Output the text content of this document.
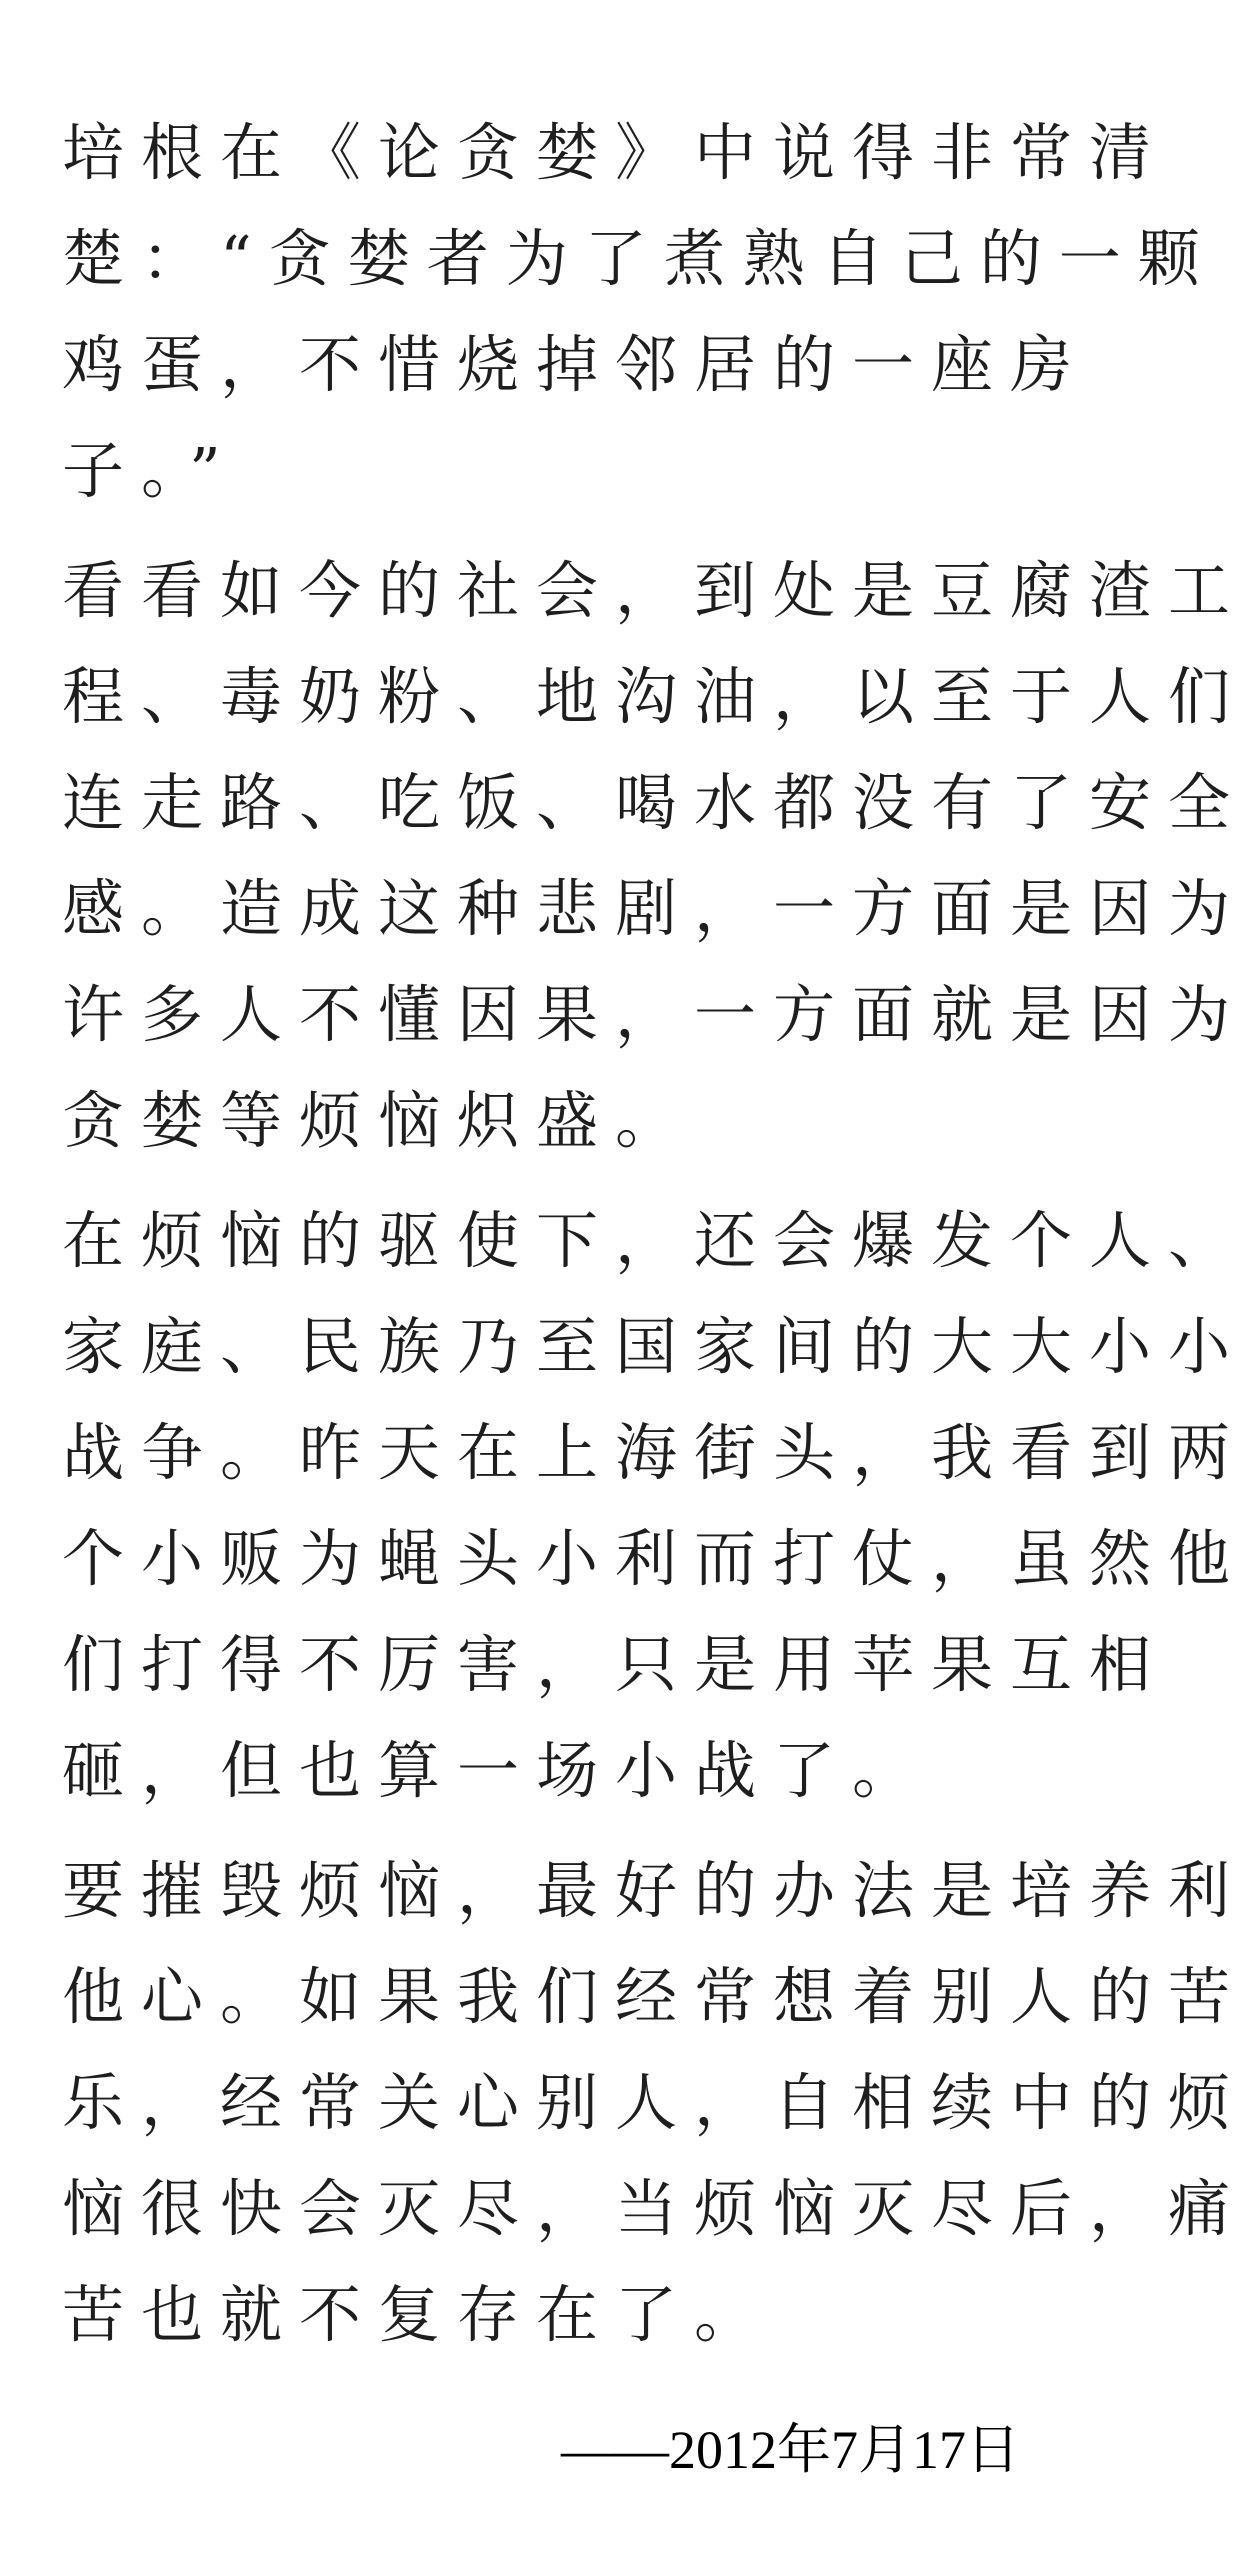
培根在《论贪婪》中说得非常清
楚：“贪婪者为了煮熟自己的一颗
鸡蛋，不惜烧掉邻居的一座房
子。”
看看如今的社会，到处是豆腐渣工
程、毒奶粉、地沟油，以至于人们
连走路、吃饭、喝水都没有了安全
感。造成这种悲剧，一方面是因为
许多人不懂因果，一方面就是因为
贪婪等烦恼炽盛。
在烦恼的驱使下，还会爆发个人、
家庭、民族乃至国家间的大大小小
战争。昨天在上海街头，我看到两
个小贩为蝇头小利而打仗，虽然他
们打得不厉害，只是用苹果互相
砸，但也算一场小战了。
要摧毁烦恼，最好的办法是培养利
他心。如果我们经常想着别人的苦
乐，经常关心别人，自相续中的烦
恼很快会灭尽，当烦恼灭尽后，痛
苦也就不复存在了。
——2012年7月17日
